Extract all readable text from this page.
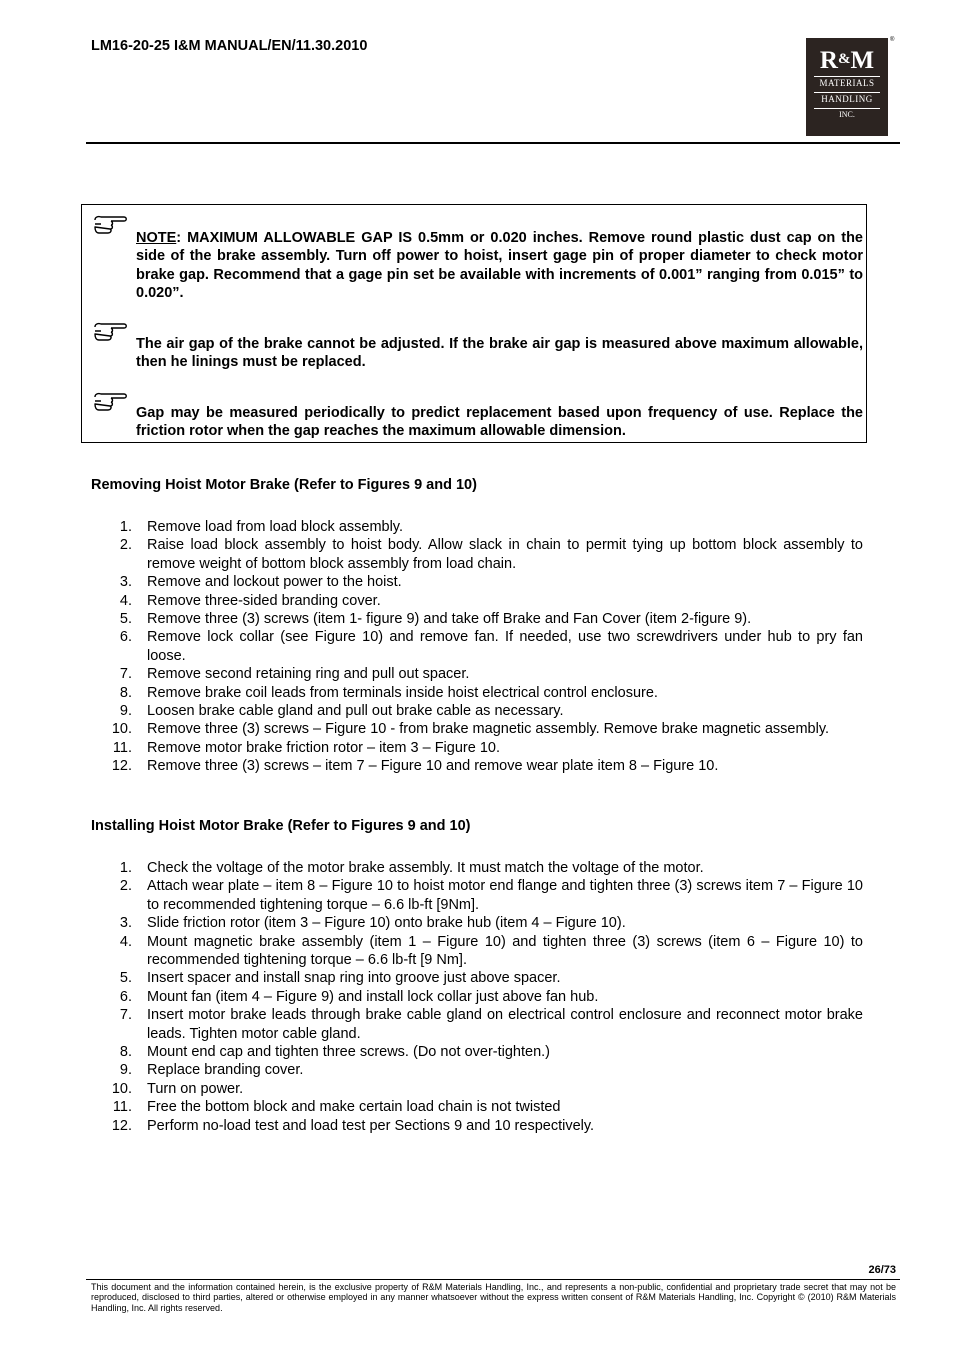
LM16-20-25 I&M MANUAL/EN/11.30.2010
R&M
MATERIALS
HANDLING
INC.
®
NOTE: MAXIMUM ALLOWABLE GAP IS 0.5mm or 0.020 inches. Remove round plastic dust cap on the side of the brake assembly. Turn off power to hoist, insert gage pin of proper diameter to check motor brake gap. Recommend that a gage pin set be available with increments of 0.001” ranging from 0.015” to 0.020”.
The air gap of the brake cannot be adjusted. If the brake air gap is measured above maximum allowable, then he linings must be replaced.
Gap may be measured periodically to predict replacement based upon frequency of use. Replace the friction rotor when the gap reaches the maximum allowable dimension.
Removing Hoist Motor Brake (Refer to Figures 9 and 10)
1. Remove load from load block assembly.
2. Raise load block assembly to hoist body. Allow slack in chain to permit tying up bottom block assembly to remove weight of bottom block assembly from load chain.
3. Remove and lockout power to the hoist.
4. Remove three-sided branding cover.
5. Remove three (3) screws (item 1- figure 9) and take off Brake and Fan Cover (item 2-figure 9).
6. Remove lock collar (see Figure 10) and remove fan. If needed, use two screwdrivers under hub to pry fan loose.
7. Remove second retaining ring and pull out spacer.
8. Remove brake coil leads from terminals inside hoist electrical control enclosure.
9. Loosen brake cable gland and pull out brake cable as necessary.
10. Remove three (3) screws – Figure 10 - from brake magnetic assembly. Remove brake magnetic assembly.
11. Remove motor brake friction rotor – item 3 – Figure 10.
12. Remove three (3) screws – item 7 – Figure 10 and remove wear plate item 8 – Figure 10.
Installing Hoist Motor Brake (Refer to Figures 9 and 10)
1. Check the voltage of the motor brake assembly. It must match the voltage of the motor.
2. Attach wear plate – item 8 – Figure 10 to hoist motor end flange and tighten three (3) screws item 7 – Figure 10 to recommended tightening torque – 6.6 lb-ft [9Nm].
3. Slide friction rotor (item 3 – Figure 10) onto brake hub (item 4 – Figure 10).
4. Mount magnetic brake assembly (item 1 – Figure 10) and tighten three (3) screws (item 6 – Figure 10) to recommended tightening torque – 6.6 lb-ft [9 Nm].
5. Insert spacer and install snap ring into groove just above spacer.
6. Mount fan (item 4 – Figure 9) and install lock collar just above fan hub.
7. Insert motor brake leads through brake cable gland on electrical control enclosure and reconnect motor brake leads. Tighten motor cable gland.
8. Mount end cap and tighten three screws. (Do not over-tighten.)
9. Replace branding cover.
10. Turn on power.
11. Free the bottom block and make certain load chain is not twisted
12. Perform no-load test and load test per Sections 9 and 10 respectively.
26/73
This document and the information contained herein, is the exclusive property of R&M Materials Handling, Inc., and represents a non-public, confidential and proprietary trade secret that may not be reproduced, disclosed to third parties, altered or otherwise employed in any manner whatsoever without the express written consent of R&M Materials Handling, Inc. Copyright © (2010) R&M Materials Handling, Inc. All rights reserved.
